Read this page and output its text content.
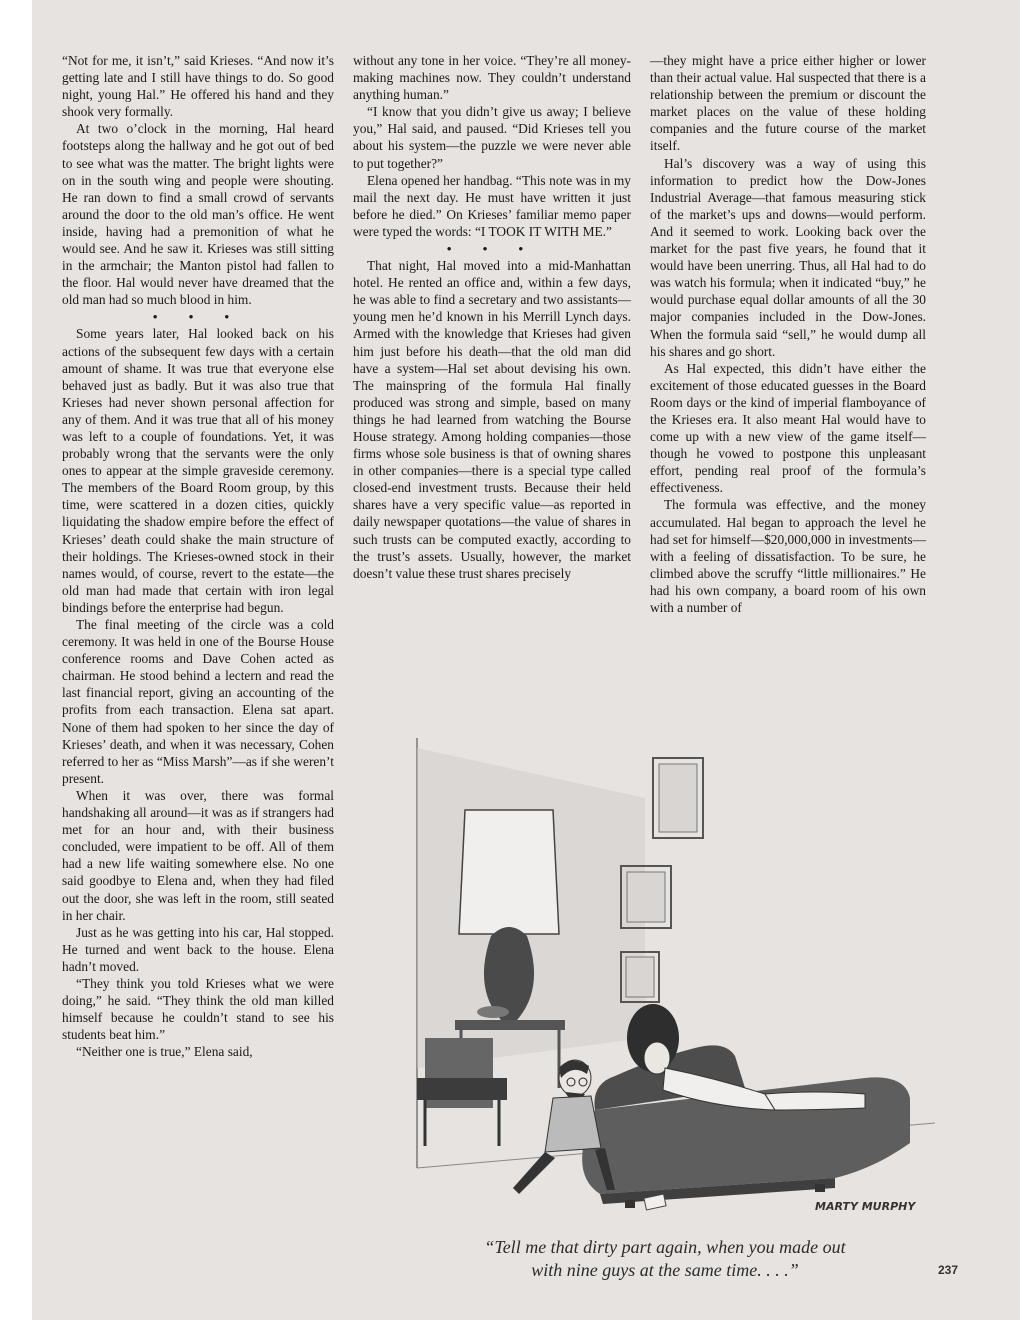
“Not for me, it isn’t,” said Krieses. “And now it’s getting late and I still have things to do. So good night, young Hal.” He offered his hand and they shook very formally.

At two o’clock in the morning, Hal heard footsteps along the hallway and he got out of bed to see what was the matter. The bright lights were on in the south wing and people were shouting. He ran down to find a small crowd of servants around the door to the old man’s office. He went inside, having had a premonition of what he would see. And he saw it. Krieses was still sitting in the armchair; the Manton pistol had fallen to the floor. Hal would never have dreamed that the old man had so much blood in him.

• • •

Some years later, Hal looked back on his actions of the subsequent few days with a certain amount of shame. It was true that everyone else behaved just as badly. But it was also true that Krieses had never shown personal affection for any of them. And it was true that all of his money was left to a couple of foundations. Yet, it was probably wrong that the servants were the only ones to appear at the simple graveside ceremony. The members of the Board Room group, by this time, were scattered in a dozen cities, quickly liquidating the shadow empire before the effect of Krieses’ death could shake the main structure of their holdings. The Krieses-owned stock in their names would, of course, revert to the estate—the old man had made that certain with iron legal bindings before the enterprise had begun.

The final meeting of the circle was a cold ceremony. It was held in one of the Bourse House conference rooms and Dave Cohen acted as chairman. He stood behind a lectern and read the last financial report, giving an accounting of the profits from each transaction. Elena sat apart. None of them had spoken to her since the day of Krieses’ death, and when it was necessary, Cohen referred to her as “Miss Marsh”—as if she weren’t present.

When it was over, there was formal handshaking all around—it was as if strangers had met for an hour and, with their business concluded, were impatient to be off. All of them had a new life waiting somewhere else. No one said goodbye to Elena and, when they had filed out the door, she was left in the room, still seated in her chair.

Just as he was getting into his car, Hal stopped. He turned and went back to the house. Elena hadn’t moved.

“They think you told Krieses what we were doing,” he said. “They think the old man killed himself because he couldn’t stand to see his students beat him.”

“Neither one is true,” Elena said,

without any tone in her voice. “They’re all money-making machines now. They couldn’t understand anything human.”

“I know that you didn’t give us away; I believe you,” Hal said, and paused. “Did Krieses tell you about his system—the puzzle we were never able to put together?”

Elena opened her handbag. “This note was in my mail the next day. He must have written it just before he died.” On Krieses’ familiar memo paper were typed the words: “I TOOK IT WITH ME.”

• • •

That night, Hal moved into a mid-Manhattan hotel. He rented an office and, within a few days, he was able to find a secretary and two assistants—young men he’d known in his Merrill Lynch days. Armed with the knowledge that Krieses had given him just before his death—that the old man did have a system—Hal set about devising his own. The mainspring of the formula Hal finally produced was strong and simple, based on many things he had learned from watching the Bourse House strategy. Among holding companies—those firms whose sole business is that of owning shares in other companies—there is a special type called closed-end investment trusts. Because their held shares have a very specific value—as reported in daily newspaper quotations—the value of shares in such trusts can be computed exactly, according to the trust’s assets. Usually, however, the market doesn’t value these trust shares precisely

—they might have a price either higher or lower than their actual value. Hal suspected that there is a relationship between the premium or discount the market places on the value of these holding companies and the future course of the market itself.

Hal’s discovery was a way of using this information to predict how the Dow-Jones Industrial Average—that famous measuring stick of the market’s ups and downs—would perform. And it seemed to work. Looking back over the market for the past five years, he found that it would have been unerring. Thus, all Hal had to do was watch his formula; when it indicated “buy,” he would purchase equal dollar amounts of all the 30 major companies included in the Dow-Jones. When the formula said “sell,” he would dump all his shares and go short.

As Hal expected, this didn’t have either the excitement of those educated guesses in the Board Room days or the kind of imperial flamboyance of the Krieses era. It also meant Hal would have to come up with a new view of the game itself—though he vowed to postpone this unpleasant effort, pending real proof of the formula’s effectiveness.

The formula was effective, and the money accumulated. Hal began to approach the level he had set for himself—$20,000,000 in investments—with a feeling of dissatisfaction. To be sure, he climbed above the scruffy “little millionaires.” He had his own company, a board room of his own with a number of

MARTY MURPHY
“Tell me that dirty part again, when you made out
with nine guys at the same time. . . .”	237
